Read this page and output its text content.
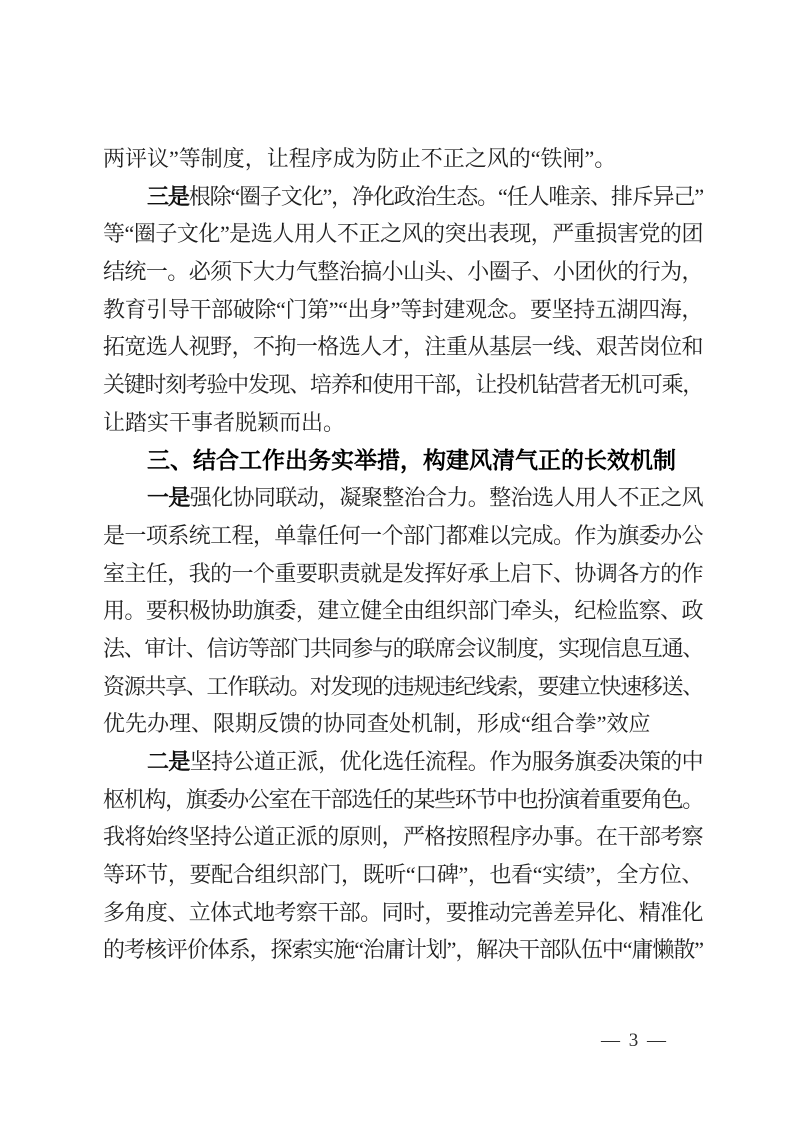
两评议”等制度，让程序成为防止不正之风的“铁闸”。
三是根除“圈子文化”，净化政治生态。“任人唯亲、排斥异己”
等“圈子文化”是选人用人不正之风的突出表现，严重损害党的团
结统一。必须下大力气整治搞小山头、小圈子、小团伙的行为，
教育引导干部破除“门第”“出身”等封建观念。要坚持五湖四海，
拓宽选人视野，不拘一格选人才，注重从基层一线、艰苦岗位和
关键时刻考验中发现、培养和使用干部，让投机钻营者无机可乘，
让踏实干事者脱颖而出。
三、结合工作出务实举措，构建风清气正的长效机制
一是强化协同联动，凝聚整治合力。整治选人用人不正之风
是一项系统工程，单靠任何一个部门都难以完成。作为旗委办公
室主任，我的一个重要职责就是发挥好承上启下、协调各方的作
用。要积极协助旗委，建立健全由组织部门牵头，纪检监察、政
法、审计、信访等部门共同参与的联席会议制度，实现信息互通、
资源共享、工作联动。对发现的违规违纪线索，要建立快速移送、
优先办理、限期反馈的协同查处机制，形成“组合拳”效应
二是坚持公道正派，优化选任流程。作为服务旗委决策的中
枢机构，旗委办公室在干部选任的某些环节中也扮演着重要角色。
我将始终坚持公道正派的原则，严格按照程序办事。在干部考察
等环节，要配合组织部门，既听“口碑”，也看“实绩”，全方位、
多角度、立体式地考察干部。同时，要推动完善差异化、精准化
的考核评价体系，探索实施“治庸计划”，解决干部队伍中“庸懒散”
— 3 —
